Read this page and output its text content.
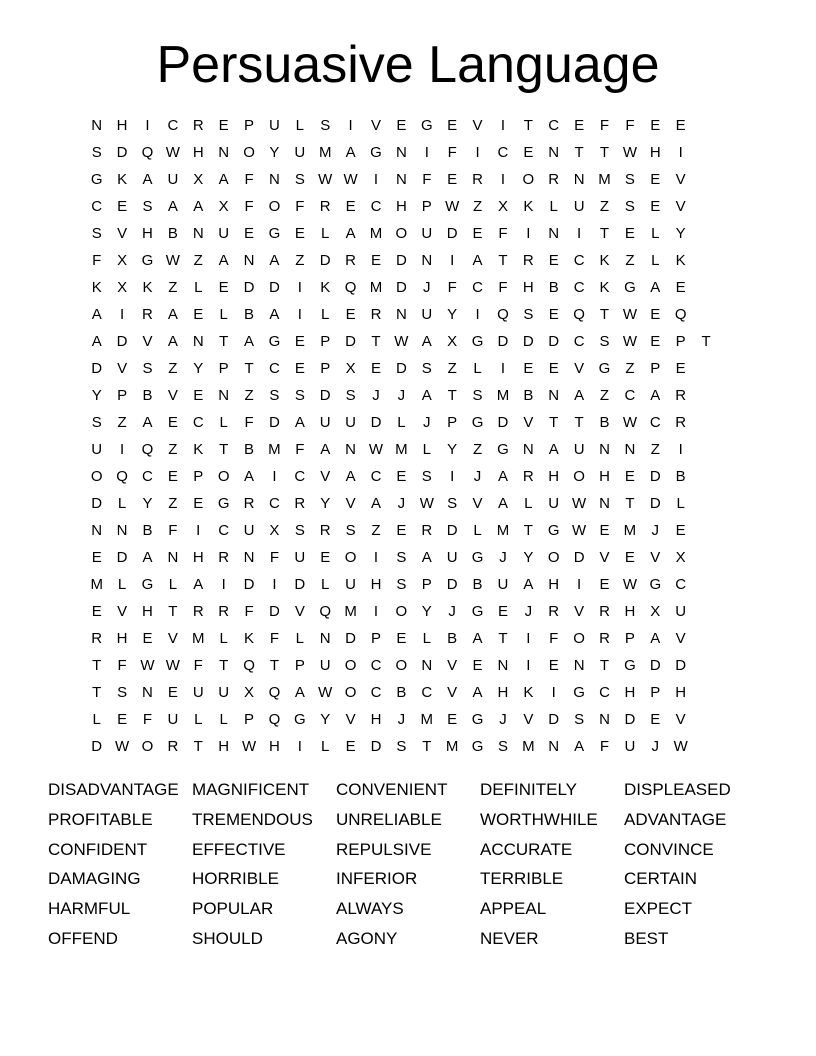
Persuasive Language
N H	I	C R E	P U	L	S	I	V	E G E	V	I	T	C E	F	F	E	E
S D Q W H N O Y U M A G N	I	F	I	C E N	T	T W H	I
G K	A U X	A	F	N S W W	I	N	F	E R	I	O R N M S	E	V
C E	S	A	A	X	F O F	R E C H P W Z	X	K	L	U	Z	S	E	V
S	V H B N U E G E	L	A M O U D E	F	I	N	I	T	E	L	Y
F	X G W Z	A N A	Z	D R E D N	I	A	T	R E C K	Z	L	K
K	X	K	Z	L	E D D	I	K Q M D	J	F	C	F	H B C K G A	E
A	I	R A	E	L	B	A	I	L	E R N U Y	I	Q S	E Q T W E Q
A D V	A N	T	A G E	P D	T W A	X G D D D C S W E	P	T
D V	S	Z	Y	P	T	C E	P	X	E D S	Z	L	I	E	E	V G Z	P	E
Y	P	B	V	E N	Z	S	S D S	J	J	A	T	S M B N A	Z	C A R
S	Z	A	E C	L	F	D A U U D	L	J	P G D V	T	T	B W C R
U	I	Q Z	K	T	B M F	A N W M L	Y	Z G N A U N N	Z	I
O Q C E	P O A	I	C V	A C E	S	I	J	A R H O H E D B
D	L	Y	Z	E G R C R Y	V	A	J W S	V	A	L	U W N	T	D	L
N N B	F	I	C U X	S R S	Z	E R D	L M T G W E M	J	E
E D A N H R N	F	U E O	I	S	A U G	J	Y O D V	E	V	X
M L	G	L	A	I	D	I	D	L	U H S	P D B U A H	I	E W G C
E	V H	T	R R	F	D V Q M	I	O Y	J	G E	J	R V R H X U
R H E	V M L	K	F	L	N D P	E	L	B	A	T	I	F O R P	A	V
T	F W W F	T Q T	P U O C O N V	E N	I	E N	T G D D
T	S N E U U X Q A W O C B C V	A H K	I	G C H P H
L	E	F	U	L	L	P Q G Y	V H	J	M E G	J	V D S N D E	V
D W O R	T	H W H	I	L	E D S	T M G S M N A	F	U	J W
DISADVANTAGE MAGNIFICENT	CONVENIENT	DEFINITELY	DISPLEASED
PROFITABLE	TREMENDOUS	UNRELIABLE	WORTHWHILE	ADVANTAGE
CONFIDENT	EFFECTIVE	REPULSIVE	ACCURATE	CONVINCE
DAMAGING	HORRIBLE	INFERIOR	TERRIBLE	CERTAIN
HARMFUL	POPULAR	ALWAYS	APPEAL	EXPECT
OFFEND	SHOULD	AGONY	NEVER	BEST
